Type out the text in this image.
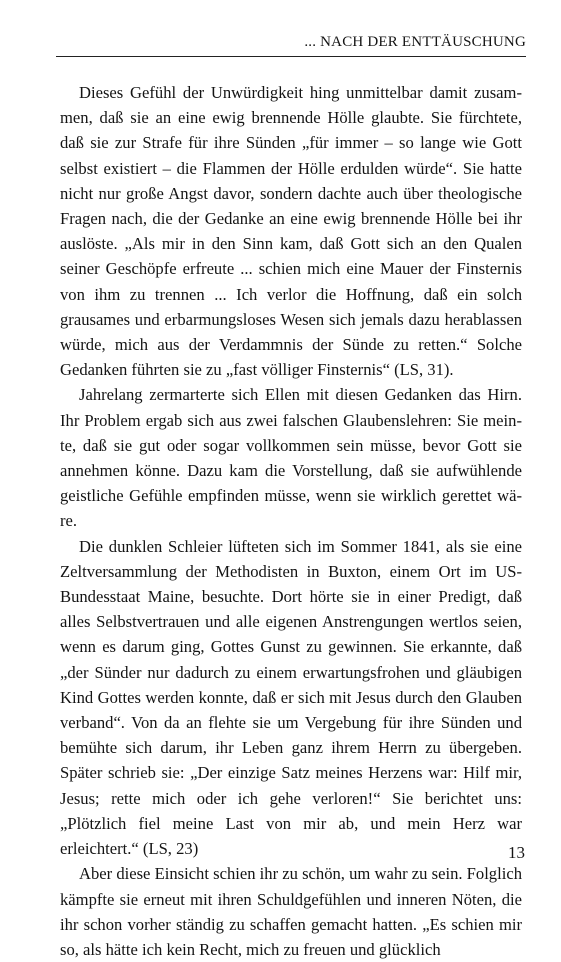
... NACH DER ENTTÄUSCHUNG

Dieses Gefühl der Unwürdigkeit hing unmittelbar damit zusammen, daß sie an eine ewig brennende Hölle glaubte. Sie fürchtete, daß sie zur Strafe für ihre Sünden „für immer – so lange wie Gott selbst existiert – die Flammen der Hölle erdulden würde“. Sie hatte nicht nur große Angst davor, sondern dachte auch über theologische Fragen nach, die der Gedanke an eine ewig brennende Hölle bei ihr auslöste. „Als mir in den Sinn kam, daß Gott sich an den Qualen seiner Geschöpfe erfreute ... schien mich eine Mauer der Finsternis von ihm zu trennen ... Ich verlor die Hoffnung, daß ein solch grausames und erbarmungsloses Wesen sich jemals dazu herablassen würde, mich aus der Verdammnis der Sünde zu retten.“ Solche Gedanken führten sie zu „fast völliger Finsternis“ (LS, 31).

Jahrelang zermarterte sich Ellen mit diesen Gedanken das Hirn. Ihr Problem ergab sich aus zwei falschen Glaubenslehren: Sie meinte, daß sie gut oder sogar vollkommen sein müsse, bevor Gott sie annehmen könne. Dazu kam die Vorstellung, daß sie aufwühlende geistliche Gefühle empfinden müsse, wenn sie wirklich gerettet wäre.

Die dunklen Schleier lüfteten sich im Sommer 1841, als sie eine Zeltversammlung der Methodisten in Buxton, einem Ort im US-Bundesstaat Maine, besuchte. Dort hörte sie in einer Predigt, daß alles Selbstvertrauen und alle eigenen Anstrengungen wertlos seien, wenn es darum ging, Gottes Gunst zu gewinnen. Sie erkannte, daß „der Sünder nur dadurch zu einem erwartungsfrohen und gläubigen Kind Gottes werden konnte, daß er sich mit Jesus durch den Glauben verband“. Von da an flehte sie um Vergebung für ihre Sünden und bemühte sich darum, ihr Leben ganz ihrem Herrn zu übergeben. Später schrieb sie: „Der einzige Satz meines Herzens war: Hilf mir, Jesus; rette mich oder ich gehe verloren!“ Sie berichtet uns: „Plötzlich fiel meine Last von mir ab, und mein Herz war erleichtert.“ (LS, 23)

Aber diese Einsicht schien ihr zu schön, um wahr zu sein. Folglich kämpfte sie erneut mit ihren Schuldgefühlen und inneren Nöten, die ihr schon vorher ständig zu schaffen gemacht hatten. „Es schien mir so, als hätte ich kein Recht, mich zu freuen und glücklich

13
